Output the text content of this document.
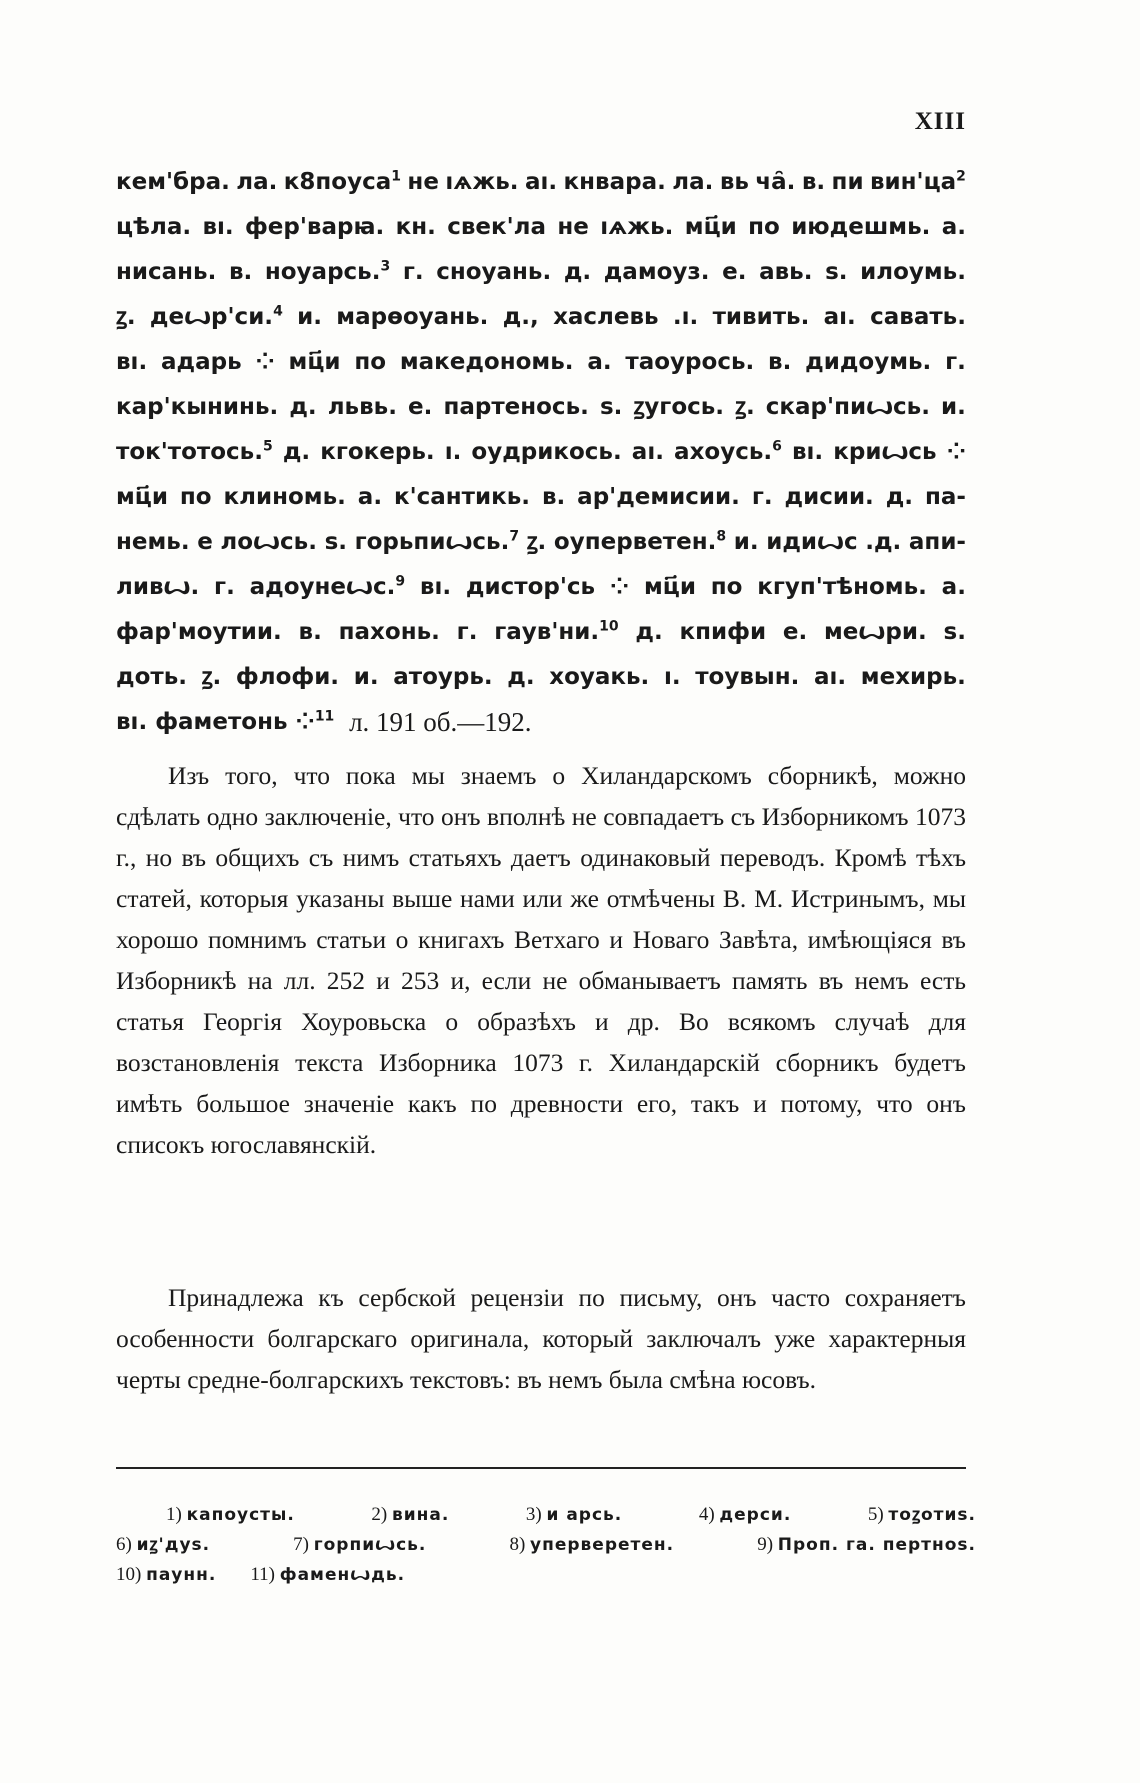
XIII
кем'бра. ла. к8поуса$^1$ не ıѧжь. аı. кнвара. ла. вь чȃ. в. пи $вин'ца^2$
цѣла. вı. фер'варꙗ. кн. свек'ла не ıѧжь. мц҃и по июдешмь. а.
нисань. в. ноуарсь.$^3$ г. сноуань. д. дамоуз. е. авь. ѕ. илоумь.
ꙁ. деꙍр'си.$^4$ и. марѳоуань. д., хаслевь .ı. тивить. аı. савать.
вı. адарь ⁘ мц҃и по македономь. а. таоурось. в. дидоумь. г.
кар'кынинь. д. львь. е. партенось. ѕ. ꙁугось. ꙁ. скар'пиꙍсь. и.
ток'тотось.$^5$ д. кгокерь. ı. оудрикось. аı. ахоусь.$^6$ вı. криꙍсь ⁘
мц҃и по клиномь. а. к'сантикь. в. ар'демисии. г. дисии. д. па-
немь. е лоꙍсь. ѕ. горьпиꙍсь.$^7$ ꙁ. оуперветен.$^8$ и. идиꙍс .д. апи-
ливꙍ. г. адоунеꙍс.$^9$ вı. дистор'сь ⁘ мц҃и по кгуп'тѣномь. а.
фар'моутии. в. пахонь. г. гаув'ни.$^{10}$ д. кпифи е. меꙍри. ѕ.
доть. ꙁ. флофи. и. атоурь. д. хоуакь. ı. тоувын. аı. мехирь.
вı.
фаметонь
⁘$^{11}$
л. 191 об.—192.

Изъ того, что пока мы знаемъ о Хиландарскомъ сборникѣ, можно сдѣлать одно заключенiе, что онъ вполнѣ не совпадаетъ съ Изборникомъ 1073 г., но въ общихъ съ нимъ статьяхъ даетъ одинаковый переводъ. Кромѣ тѣхъ статей, которыя указаны выше нами или же отмѣчены В. М. Истринымъ, мы хорошо помнимъ статьи о книгахъ Ветхаго и Новаго Завѣта, имѣющiяся въ Изборникѣ на лл. 252 и 253 и, если не обманываетъ память въ немъ есть статья Георгiя Хоуровьска о образѣхъ и др. Во всякомъ случаѣ для возстановленiя текста Изборника 1073 г. Хиландарскiй сборникъ будетъ имѣть большое значенiе какъ по древности его, такъ и потому, что онъ списокъ югославянскiй.

Принадлежа къ сербской рецензiи по письму, онъ часто сохраняетъ особенности болгарскаго оригинала, который заключалъ уже характерныя черты средне-болгарскихъ текстовъ: въ немъ была смѣна юсовъ.

1) капоусты.	2) вина.	3) и арсь.	4) дерси.	5) тоꙁотиѕ.
6) иꙁ'дуѕ.	7) горпиꙍсь.	8) уперверетен.	9) Проп. га. пертноѕ.
10) паунн. 11) фаменꙍдь.
